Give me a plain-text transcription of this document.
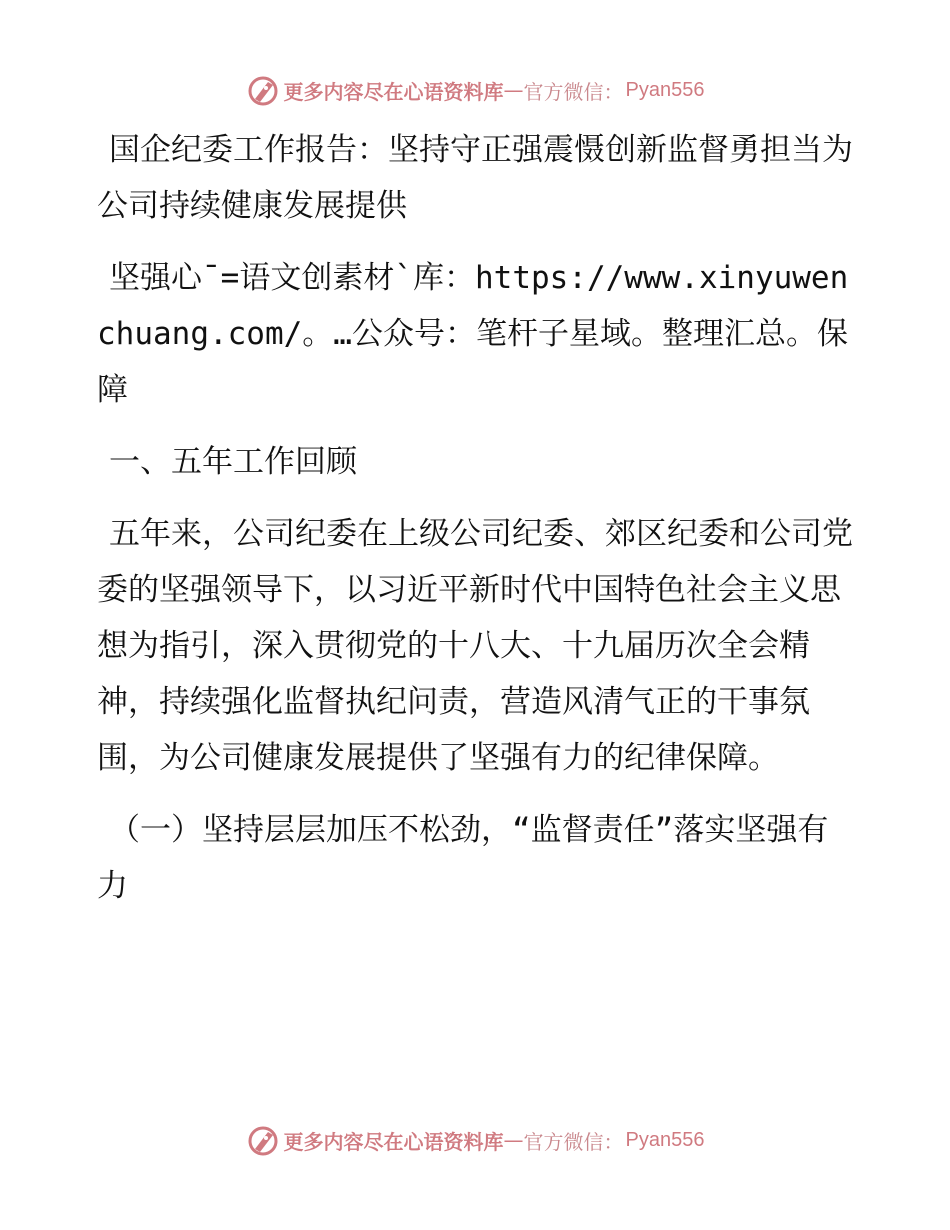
更多内容尽在心语资料库 — 官方微信： Pyan556

国企纪委工作报告：坚持守正强震慑创新监督勇担当为公司持续健康发展提供

坚强心¯=语文创素材`库：https://www.xinyuwenchuang.com/。…公众号：笔杆子星域。整理汇总。保障

一、五年工作回顾

五年来，公司纪委在上级公司纪委、郊区纪委和公司党委的坚强领导下，以习近平新时代中国特色社会主义思想为指引，深入贯彻党的十八大、十九届历次全会精神，持续强化监督执纪问责，营造风清气正的干事氛围，为公司健康发展提供了坚强有力的纪律保障。

（一）坚持层层加压不松劲，“监督责任”落实坚强有力

更多内容尽在心语资料库 — 官方微信： Pyan556
